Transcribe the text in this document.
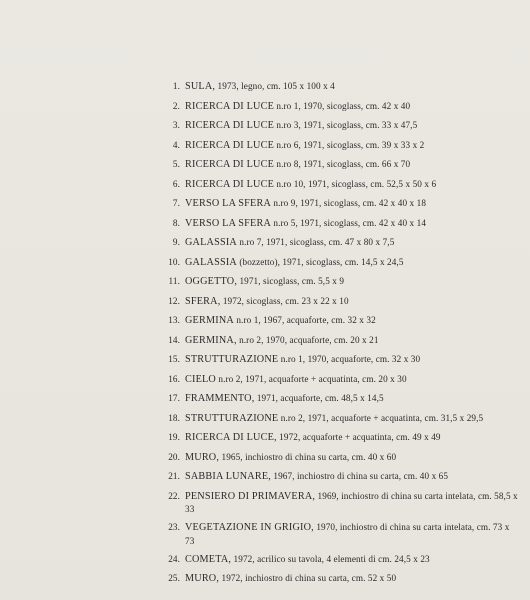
1. SULA, 1973, legno, cm. 105 x 100 x 4
2. RICERCA DI LUCE n.ro 1, 1970, sicoglass, cm. 42 x 40
3. RICERCA DI LUCE n.ro 3, 1971, sicoglass, cm. 33 x 47,5
4. RICERCA DI LUCE n.ro 6, 1971, sicoglass, cm. 39 x 33 x 2
5. RICERCA DI LUCE n.ro 8, 1971, sicoglass, cm. 66 x 70
6. RICERCA DI LUCE n.ro 10, 1971, sicoglass, cm. 52,5 x 50 x 6
7. VERSO LA SFERA n.ro 9, 1971, sicoglass, cm. 42 x 40 x 18
8. VERSO LA SFERA n.ro 5, 1971, sicoglass, cm. 42 x 40 x 14
9. GALASSIA n.ro 7, 1971, sicoglass, cm. 47 x 80 x 7,5
10. GALASSIA (bozzetto), 1971, sicoglass, cm. 14,5 x 24,5
11. OGGETTO, 1971, sicoglass, cm. 5,5 x 9
12. SFERA, 1972, sicoglass, cm. 23 x 22 x 10
13. GERMINA n.ro 1, 1967, acquaforte, cm. 32 x 32
14. GERMINA, n.ro 2, 1970, acquaforte, cm. 20 x 21
15. STRUTTURAZIONE n.ro 1, 1970, acquaforte, cm. 32 x 30
16. CIELO n.ro 2, 1971, acquaforte + acquatinta, cm. 20 x 30
17. FRAMMENTO, 1971, acquaforte, cm. 48,5 x 14,5
18. STRUTTURAZIONE n.ro 2, 1971, acquaforte + acquatinta, cm. 31,5 x 29,5
19. RICERCA DI LUCE, 1972, acquaforte + acquatinta, cm. 49 x 49
20. MURO, 1965, inchiostro di china su carta, cm. 40 x 60
21. SABBIA LUNARE, 1967, inchiostro di china su carta, cm. 40 x 65
22. PENSIERO DI PRIMAVERA, 1969, inchiostro di china su carta intelata, cm. 58,5 x 33
23. VEGETAZIONE IN GRIGIO, 1970, inchiostro di china su carta intelata, cm. 73 x 73
24. COMETA, 1972, acrilico su tavola, 4 elementi di cm. 24,5 x 23
25. MURO, 1972, inchiostro di china su carta, cm. 52 x 50
